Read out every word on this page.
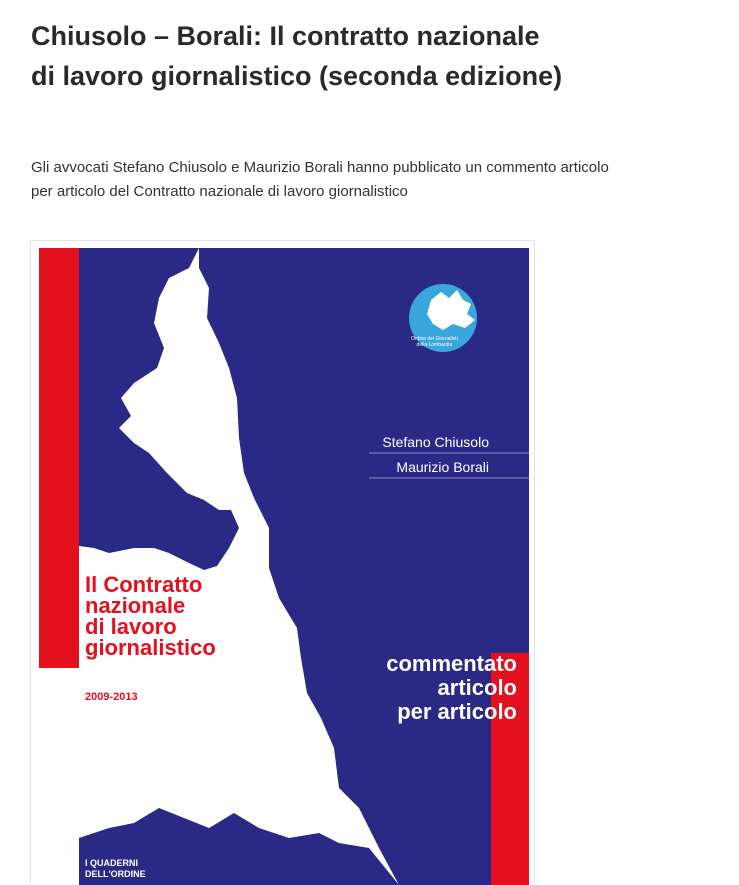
Chiusolo – Borali: Il contratto nazionale
di lavoro giornalistico (seconda edizione)
Gli avvocati Stefano Chiusolo e Maurizio Borali hanno pubblicato un commento articolo
per articolo del Contratto nazionale di lavoro giornalistico
Ordine dei Giornalisti
della Lombardia
Stefano Chiusolo
Maurizio Borali
Il Contratto
nazionale
di lavoro
giornalistico
2009-2013
commentato
articolo
per articolo
I QUADERNI
DELL'ORDINE
